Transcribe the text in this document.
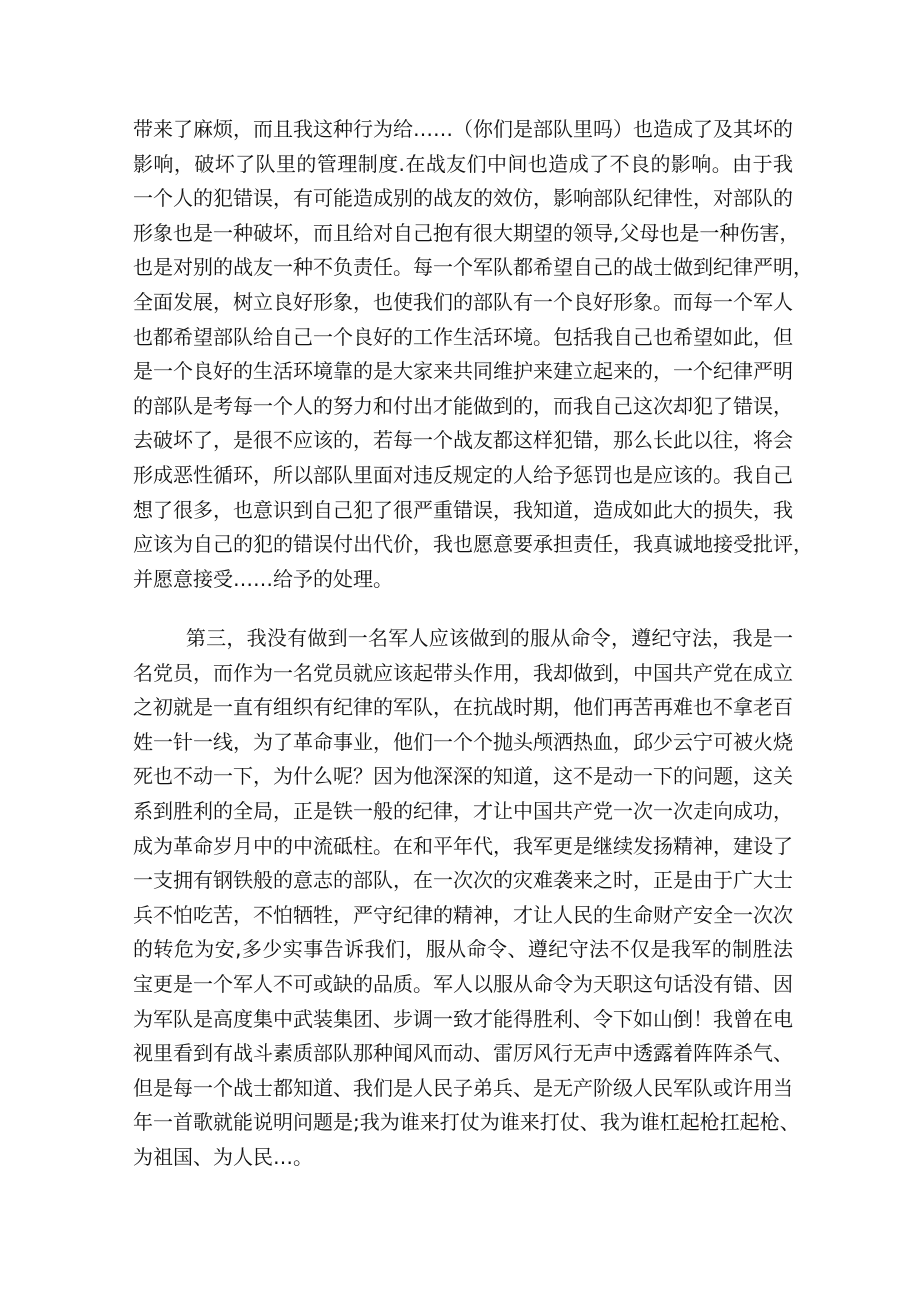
带来了麻烦，而且我这种行为给……（你们是部队里吗）也造成了及其坏的
影响，破坏了队里的管理制度.在战友们中间也造成了不良的影响。由于我
一个人的犯错误，有可能造成别的战友的效仿，影响部队纪律性，对部队的
形象也是一种破坏，而且给对自己抱有很大期望的领导,父母也是一种伤害，
也是对别的战友一种不负责任。每一个军队都希望自己的战士做到纪律严明，
全面发展，树立良好形象，也使我们的部队有一个良好形象。而每一个军人
也都希望部队给自己一个良好的工作生活环境。包括我自己也希望如此，但
是一个良好的生活环境靠的是大家来共同维护来建立起来的，一个纪律严明
的部队是考每一个人的努力和付出才能做到的，而我自己这次却犯了错误，
去破坏了，是很不应该的，若每一个战友都这样犯错，那么长此以往，将会
形成恶性循环，所以部队里面对违反规定的人给予惩罚也是应该的。我自己
想了很多，也意识到自己犯了很严重错误，我知道，造成如此大的损失，我
应该为自己的犯的错误付出代价，我也愿意要承担责任，我真诚地接受批评，
并愿意接受……给予的处理。
第三，我没有做到一名军人应该做到的服从命令，遵纪守法，我是一
名党员，而作为一名党员就应该起带头作用，我却做到，中国共产党在成立
之初就是一直有组织有纪律的军队，在抗战时期，他们再苦再难也不拿老百
姓一针一线，为了革命事业，他们一个个抛头颅洒热血，邱少云宁可被火烧
死也不动一下，为什么呢？因为他深深的知道，这不是动一下的问题，这关
系到胜利的全局，正是铁一般的纪律，才让中国共产党一次一次走向成功，
成为革命岁月中的中流砥柱。在和平年代，我军更是继续发扬精神，建设了
一支拥有钢铁般的意志的部队，在一次次的灾难袭来之时，正是由于广大士
兵不怕吃苦，不怕牺牲，严守纪律的精神，才让人民的生命财产安全一次次
的转危为安,多少实事告诉我们，服从命令、遵纪守法不仅是我军的制胜法
宝更是一个军人不可或缺的品质。军人以服从命令为天职这句话没有错、因
为军队是高度集中武装集团、步调一致才能得胜利、令下如山倒！我曾在电
视里看到有战斗素质部队那种闻风而动、雷厉风行无声中透露着阵阵杀气、
但是每一个战士都知道、我们是人民子弟兵、是无产阶级人民军队或许用当
年一首歌就能说明问题是;我为谁来打仗为谁来打仗、我为谁杠起枪扛起枪、
为祖国、为人民…。
